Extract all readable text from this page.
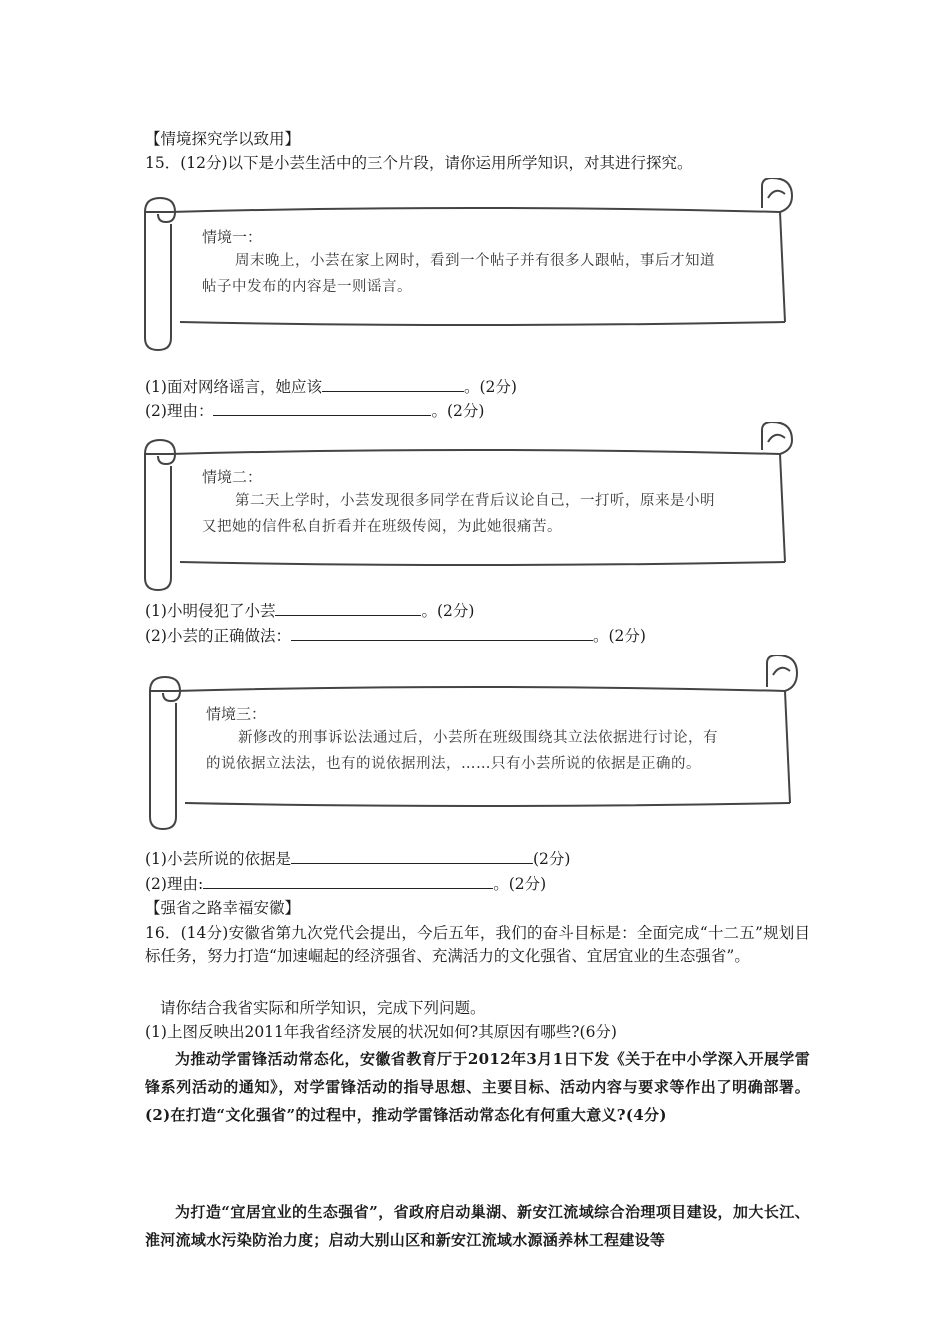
【情境探究学以致用】
15．(12分)以下是小芸生活中的三个片段，请你运用所学知识，对其进行探究。
情境一：
周末晚上，小芸在家上网时，看到一个帖子并有很多人跟帖，事后才知道
帖子中发布的内容是一则谣言。
(1)面对网络谣言，她应该	。(2分)
(2)理由：	。(2分)
情境二：
第二天上学时，小芸发现很多同学在背后议论自己，一打听，原来是小明
又把她的信件私自折看并在班级传阅，为此她很痛苦。
(1)小明侵犯了小芸	。(2分)
(2)小芸的正确做法：	。(2分)
情境三：
新修改的刑事诉讼法通过后，小芸所在班级围绕其立法依据进行讨论，有
的说依据立法法，也有的说依据刑法，……只有小芸所说的依据是正确的。
(1)小芸所说的依据是	(2分)
(2)理由:	。(2分)
【强省之路幸福安徽】
16．(14分)安徽省第九次党代会提出，今后五年，我们的奋斗目标是：全面完成“十二五”规划目标任务，努力打造“加速崛起的经济强省、充满活力的文化强省、宜居宜业的生态强省”。
请你结合我省实际和所学知识，完成下列问题。
(1)上图反映出2011年我省经济发展的状况如何?其原因有哪些?(6分)
为推动学雷锋活动常态化，安徽省教育厅于2012年3月1日下发《关于在中小学深入开展学雷锋系列活动的通知》，对学雷锋活动的指导思想、主要目标、活动内容与要求等作出了明确部署。(2)在打造“文化强省”的过程中，推动学雷锋活动常态化有何重大意义?(4分)
为打造“宜居宜业的生态强省”，省政府启动巢湖、新安江流域综合治理项目建设，加大长江、淮河流域水污染防治力度；启动大别山区和新安江流域水源涵养林工程建设等
